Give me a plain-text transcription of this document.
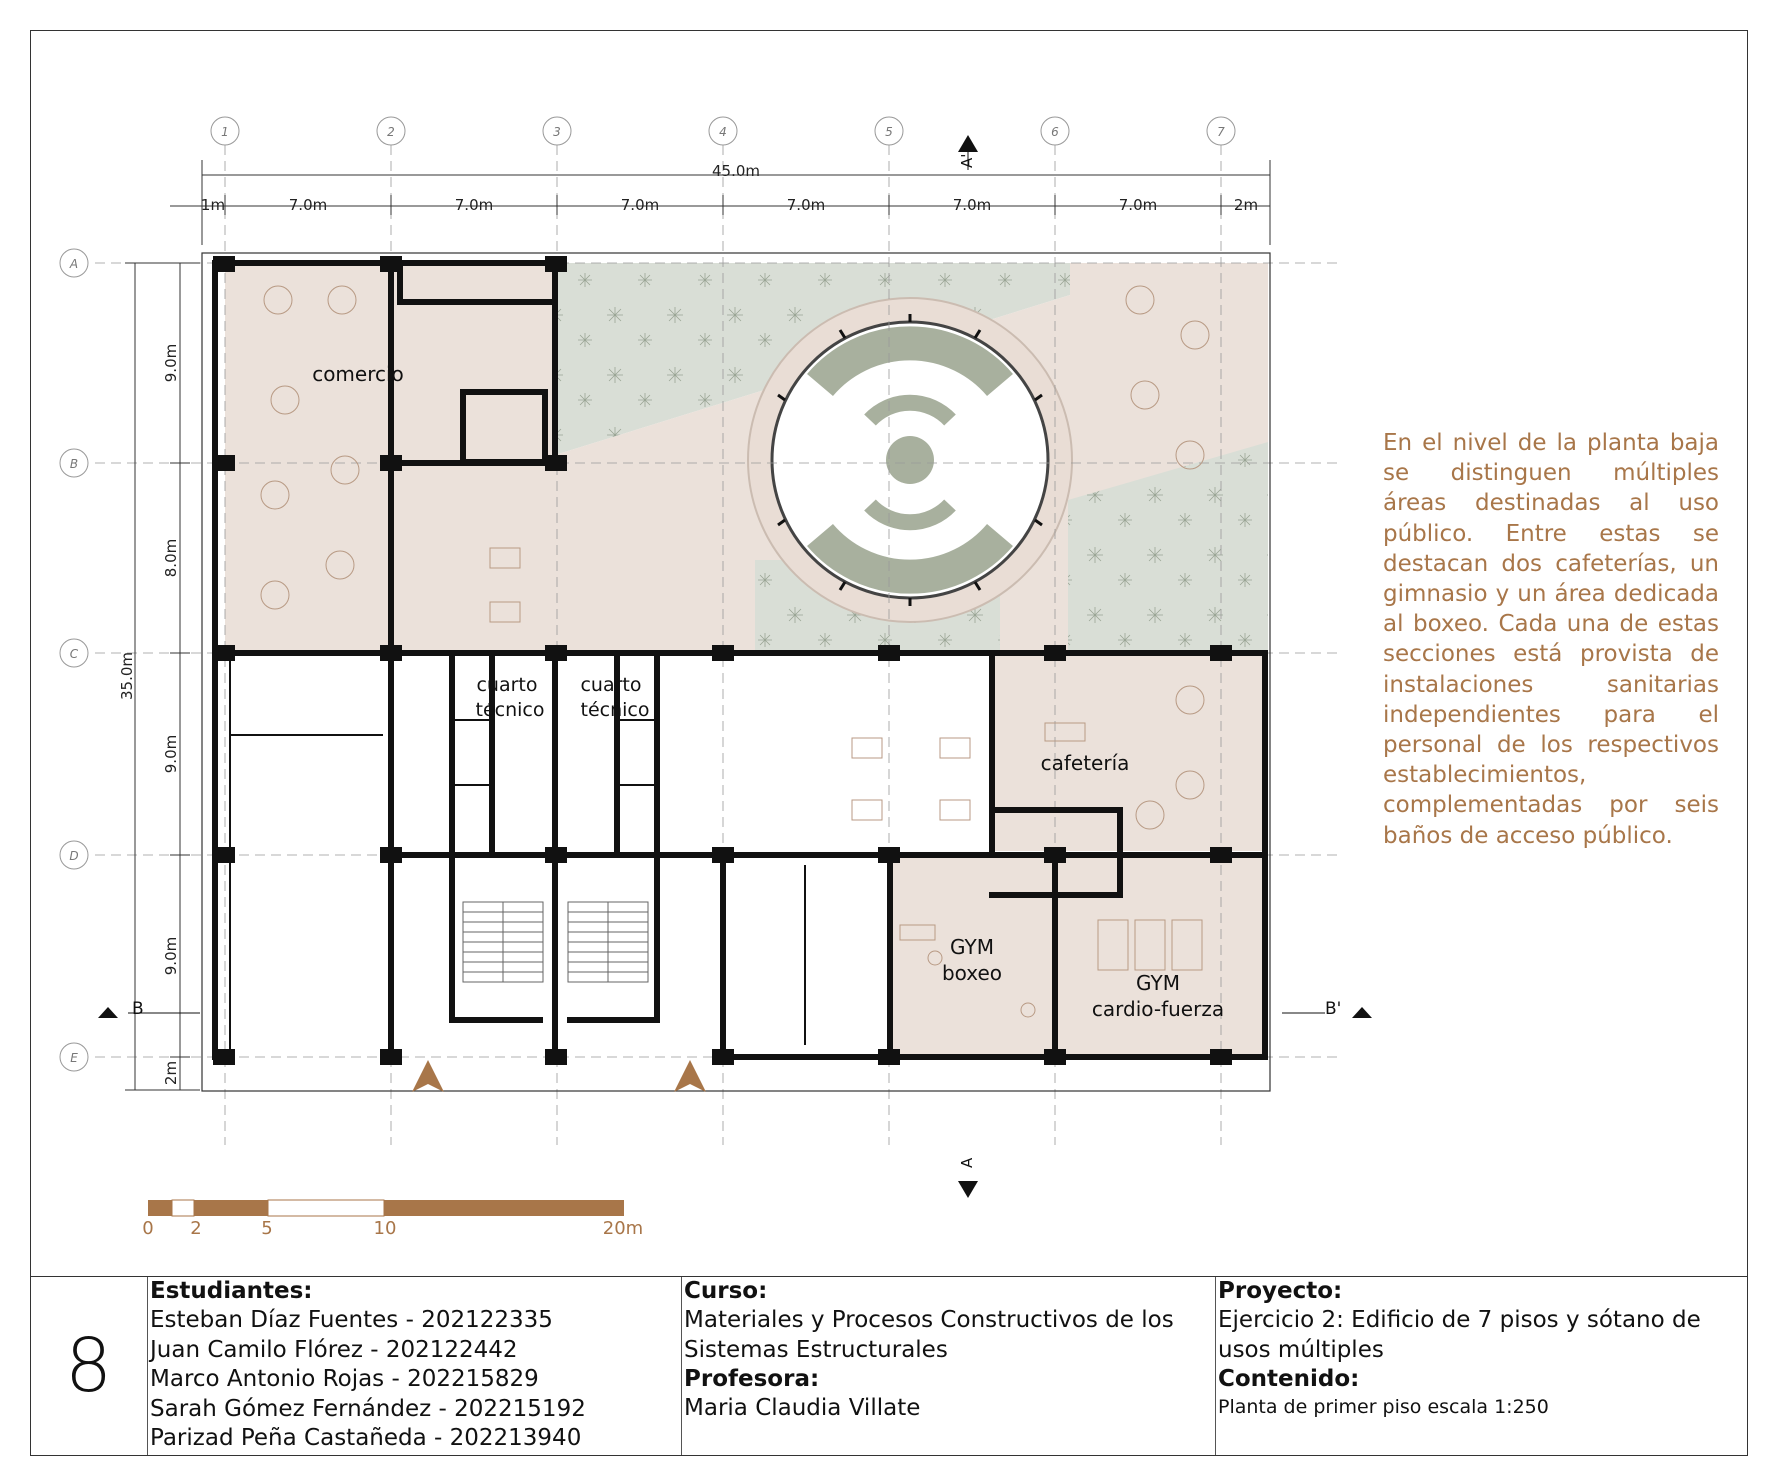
1	2	3	4	5	6	7
A
B
C
D
E
45.0m
1m	7.0m	7.0m	7.0m	7.0m	7.0m	7.0m	2m
35.0m
9.0m
8.0m
9.0m
9.0m
2m
A'
A
B	B'
comercio
cuarto
técnico
cuarto
técnico
cafetería
GYM
boxeo	GYM
cardio-fuerza
0 2	5	10	20m
En el nivel de la planta baja se distinguen múltiples áreas destinadas al uso público. Entre estas se destacan dos cafeterías, un gimnasio y un área dedicada al boxeo. Cada una de estas secciones está provista de instalaciones sanitarias independientes para el personal de los respectivos establecimientos, complementadas por seis baños de acceso público.
8
Estudiantes:
Esteban Díaz Fuentes - 202122335
Juan Camilo Flórez - 202122442
Marco Antonio Rojas - 202215829
Sarah Gómez Fernández - 202215192
Parizad Peña Castañeda - 202213940
Curso:
Materiales y Procesos Constructivos de los Sistemas Estructurales
Profesora:
Maria Claudia Villate
Proyecto:
Ejercicio 2: Edificio de 7 pisos y sótano de usos múltiples
Contenido:
Planta de primer piso escala 1:250
